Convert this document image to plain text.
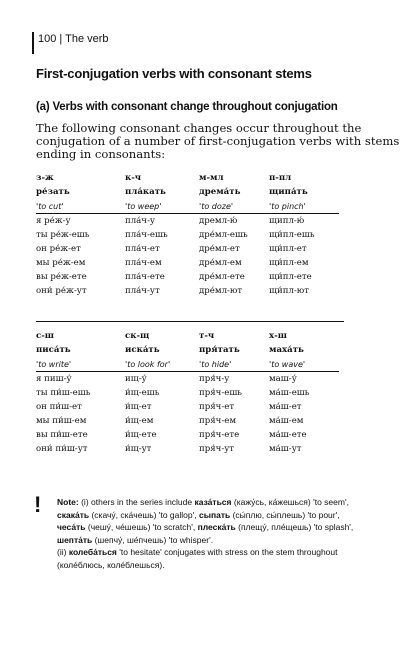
100 | The verb
First-conjugation verbs with consonant stems
(a) Verbs with consonant change throughout conjugation
The following consonant changes occur throughout the
conjugation of a number of first-conjugation verbs with stems
ending in consonants:
з-ж	к-ч	м-мл	п-пл
ре́зать	пла́кать	дрема́ть	щипа́ть
'to cut'	'to weep'	'to doze'	'to pinch'
я ре́ж-у	пла́ч-у	дремл-ю́	щипл-ю́
ты ре́ж-ешь	пла́ч-ешь	дре́мл-ешь	щи́пл-ешь
он ре́ж-ет	пла́ч-ет	дре́мл-ет	щи́пл-ет
мы ре́ж-ем	пла́ч-ем	дре́мл-ем	щи́пл-ем
вы ре́ж-ете	пла́ч-ете	дре́мл-ете	щи́пл-ете
они́ ре́ж-ут	пла́ч-ут	дре́мл-ют	щи́пл-ют
с-ш	ск-щ	т-ч	х-ш
писа́ть	иска́ть	пря́тать	маха́ть
'to write'	'to look for'	'to hide'	'to wave'
я пиш-у́	ищ-у́	пря́ч-у	маш-у́
ты пи́ш-ешь	и́щ-ешь	пря́ч-ешь	ма́ш-ешь
он пи́ш-ет	и́щ-ет	пря́ч-ет	ма́ш-ет
мы пи́ш-ем	и́щ-ем	пря́ч-ем	ма́ш-ем
вы пи́ш-ете	и́щ-ете	пря́ч-ете	ма́ш-ете
они́ пи́ш-ут	и́щ-ут	пря́ч-ут	ма́ш-ут
! Note: (i) others in the series include каза́ться (кажу́сь, ка́жешься) 'to seem',
скака́ть (скачу́, ска́чешь) 'to gallop', сыпать (сы́плю, сы́плешь) 'to pour',
чеса́ть (чешу́, че́шешь) 'to scratch', плеска́ть (плещу́, пле́щешь) 'to splash',
шепта́ть (шепчу́, ше́пчешь) 'to whisper'.
(ii) колеба́ться 'to hesitate' conjugates with stress on the stem throughout
(коле́блюсь, коле́блешься).
